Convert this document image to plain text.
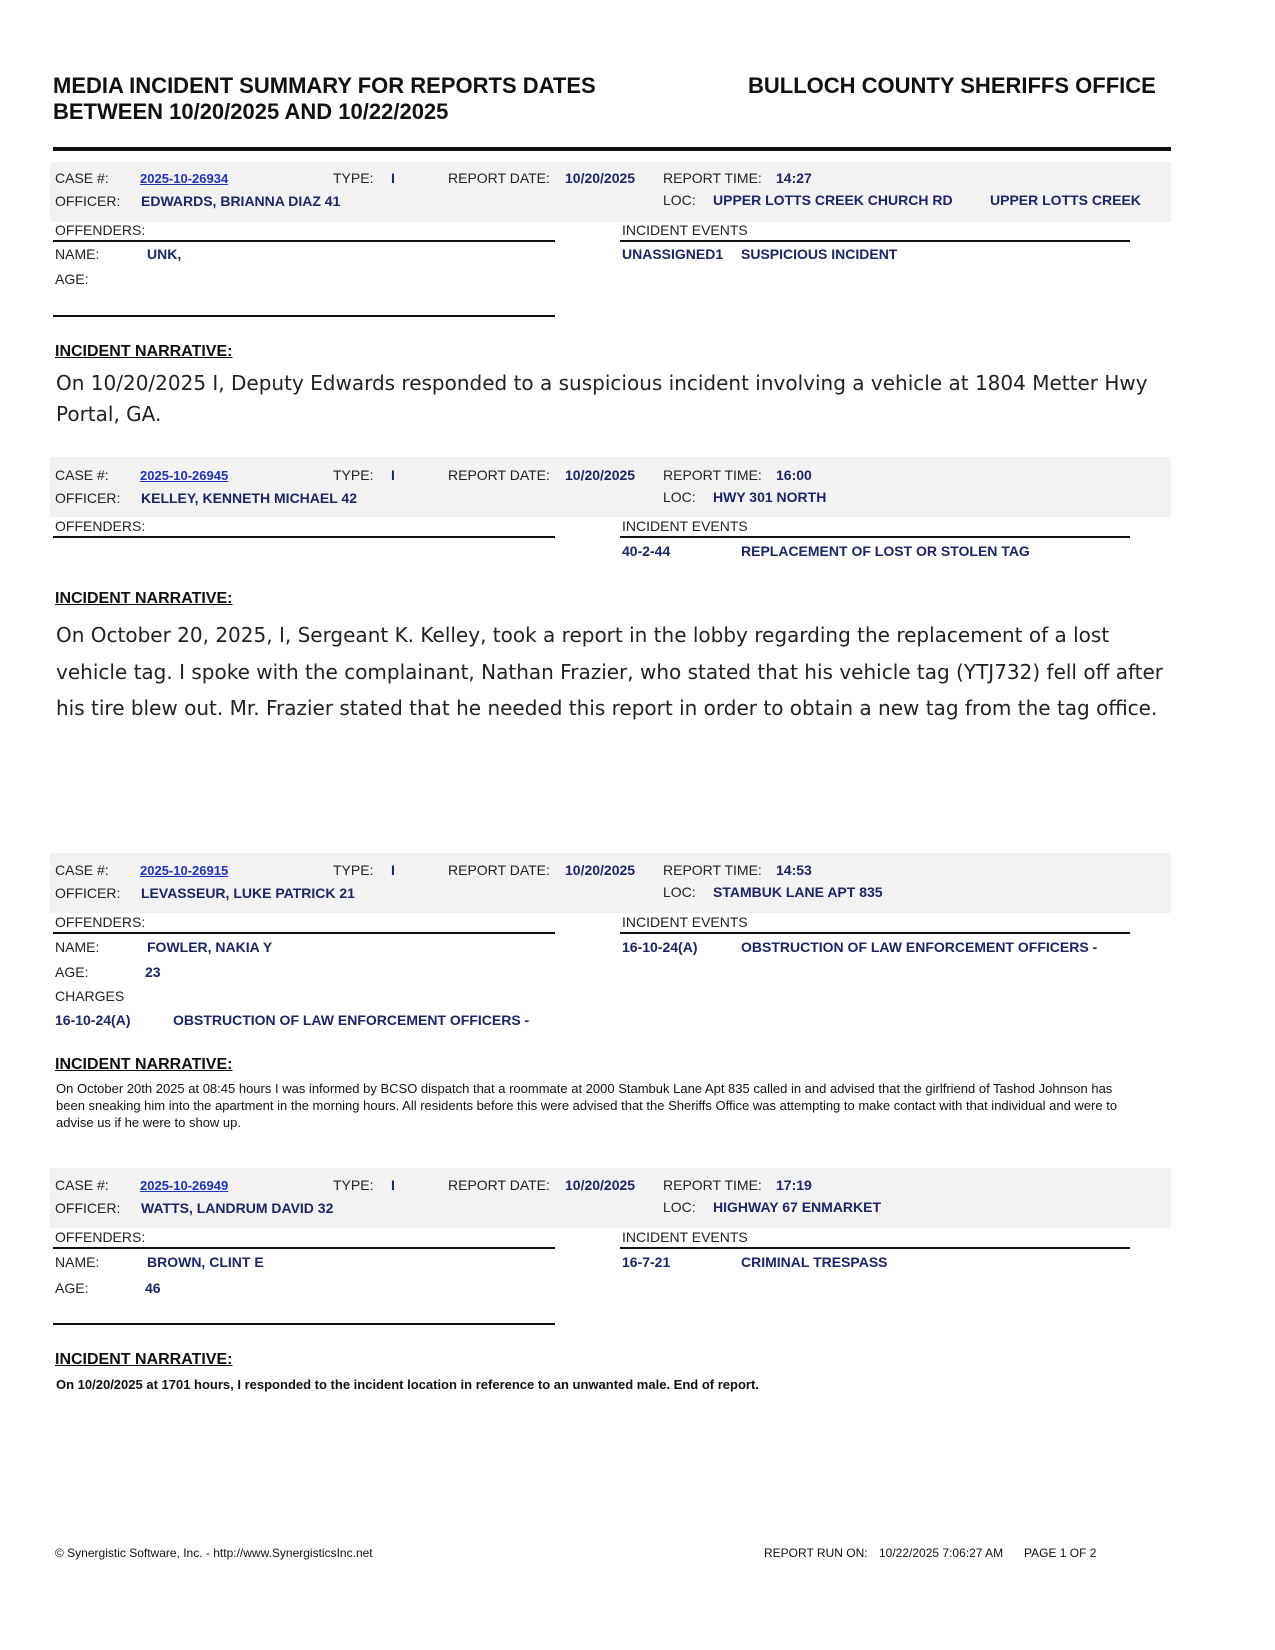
MEDIA INCIDENT SUMMARY FOR REPORTS DATES
BETWEEN 10/20/2025 AND 10/22/2025
BULLOCH COUNTY SHERIFFS OFFICE
CASE #: 2025-10-26934	TYPE: I	REPORT DATE: 10/20/2025 REPORT TIME: 14:27
OFFICER: EDWARDS, BRIANNA DIAZ 41	LOC: UPPER LOTTS CREEK CHURCH RD	UPPER LOTTS CREEK
OFFENDERS:
NAME:	UNK,
AGE:
INCIDENT EVENTS
UNASSIGNED1 SUSPICIOUS INCIDENT
INCIDENT NARRATIVE:
On 10/20/2025 I, Deputy Edwards responded to a suspicious incident involving a vehicle at 1804 Metter Hwy Portal, GA.
CASE #: 2025-10-26945	TYPE: I	REPORT DATE: 10/20/2025 REPORT TIME: 16:00
OFFICER: KELLEY, KENNETH MICHAEL 42	LOC: HWY 301 NORTH
OFFENDERS:	INCIDENT EVENTS
40-2-44	REPLACEMENT OF LOST OR STOLEN TAG
INCIDENT NARRATIVE:
On October 20, 2025, I, Sergeant K. Kelley, took a report in the lobby regarding the replacement of a lost vehicle tag. I spoke with the complainant, Nathan Frazier, who stated that his vehicle tag (YTJ732) fell off after his tire blew out. Mr. Frazier stated that he needed this report in order to obtain a new tag from the tag office.
CASE #: 2025-10-26915	TYPE: I	REPORT DATE: 10/20/2025 REPORT TIME: 14:53
OFFICER: LEVASSEUR, LUKE PATRICK 21	LOC: STAMBUK LANE APT 835
OFFENDERS:
NAME:	FOWLER, NAKIA Y
AGE:	23
CHARGES
16-10-24(A)	OBSTRUCTION OF LAW ENFORCEMENT OFFICERS -
INCIDENT EVENTS
16-10-24(A)	OBSTRUCTION OF LAW ENFORCEMENT OFFICERS -
INCIDENT NARRATIVE:
On October 20th 2025 at 08:45 hours I was informed by BCSO dispatch that a roommate at 2000 Stambuk Lane Apt 835 called in and advised that the girlfriend of Tashod Johnson has been sneaking him into the apartment in the morning hours. All residents before this were advised that the Sheriffs Office was attempting to make contact with that individual and were to advise us if he were to show up.
CASE #: 2025-10-26949	TYPE: I	REPORT DATE: 10/20/2025 REPORT TIME: 17:19
OFFICER: WATTS, LANDRUM DAVID 32	LOC: HIGHWAY 67 ENMARKET
OFFENDERS:
NAME:	BROWN, CLINT E
AGE:	46
INCIDENT EVENTS
16-7-21	CRIMINAL TRESPASS
INCIDENT NARRATIVE:
On 10/20/2025 at 1701 hours, I responded to the incident location in reference to an unwanted male. End of report.
© Synergistic Software, Inc. - http://www.SynergisticsInc.net	REPORT RUN ON: 10/22/2025 7:06:27 AM PAGE 1 OF 2
